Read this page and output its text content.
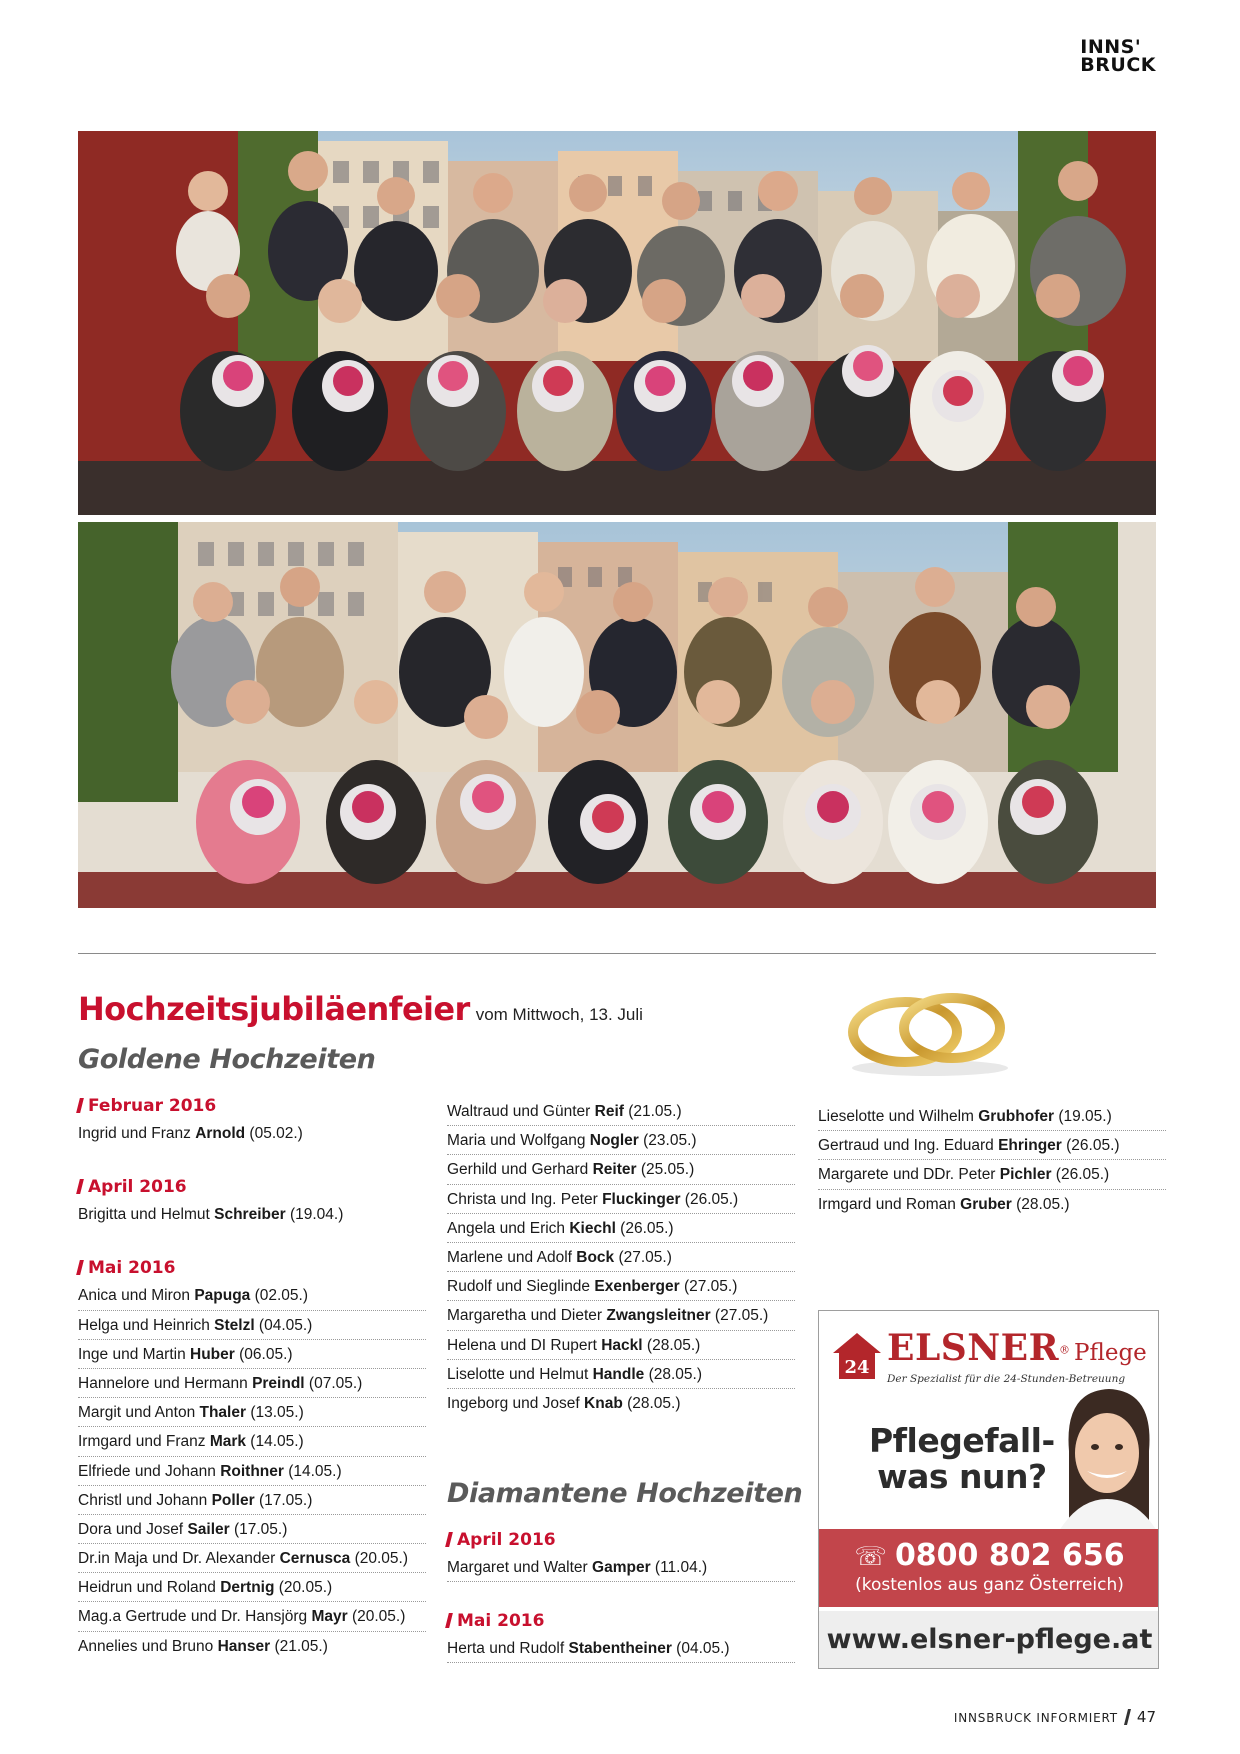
INNS'
BRUCK
Hochzeitsjubiläenfeier vom Mittwoch, 13. Juli
Goldene Hochzeiten
Februar 2016
Ingrid und Franz Arnold (05.02.)
April 2016
Brigitta und Helmut Schreiber (19.04.)
Mai 2016
Anica und Miron Papuga (02.05.)
Helga und Heinrich Stelzl (04.05.)
Inge und Martin Huber (06.05.)
Hannelore und Hermann Preindl (07.05.)
Margit und Anton Thaler (13.05.)
Irmgard und Franz Mark (14.05.)
Elfriede und Johann Roithner (14.05.)
Christl und Johann Poller (17.05.)
Dora und Josef Sailer (17.05.)
Dr.in Maja und Dr. Alexander Cernusca (20.05.)
Heidrun und Roland Dertnig (20.05.)
Mag.a Gertrude und Dr. Hansjörg Mayr (20.05.)
Annelies und Bruno Hanser (21.05.)
Waltraud und Günter Reif (21.05.)
Maria und Wolfgang Nogler (23.05.)
Gerhild und Gerhard Reiter (25.05.)
Christa und Ing. Peter Fluckinger (26.05.)
Angela und Erich Kiechl (26.05.)
Marlene und Adolf Bock (27.05.)
Rudolf und Sieglinde Exenberger (27.05.)
Margaretha und Dieter Zwangsleitner (27.05.)
Helena und DI Rupert Hackl (28.05.)
Liselotte und Helmut Handle (28.05.)
Ingeborg und Josef Knab (28.05.)
Lieselotte und Wilhelm Grubhofer (19.05.)
Gertraud und Ing. Eduard Ehringer (26.05.)
Margarete und DDr. Peter Pichler (26.05.)
Irmgard und Roman Gruber (28.05.)
Diamantene Hochzeiten
April 2016
Margaret und Walter Gamper (11.04.)
Mai 2016
Herta und Rudolf Stabentheiner (04.05.)
24 ELSNER® Pflege
Der Spezialist für die 24-Stunden-Betreuung
Pflegefall-
was nun?
☏ 0800 802 656
(kostenlos aus ganz Österreich)
www.elsner-pflege.at
INNSBRUCK INFORMIERT 47
